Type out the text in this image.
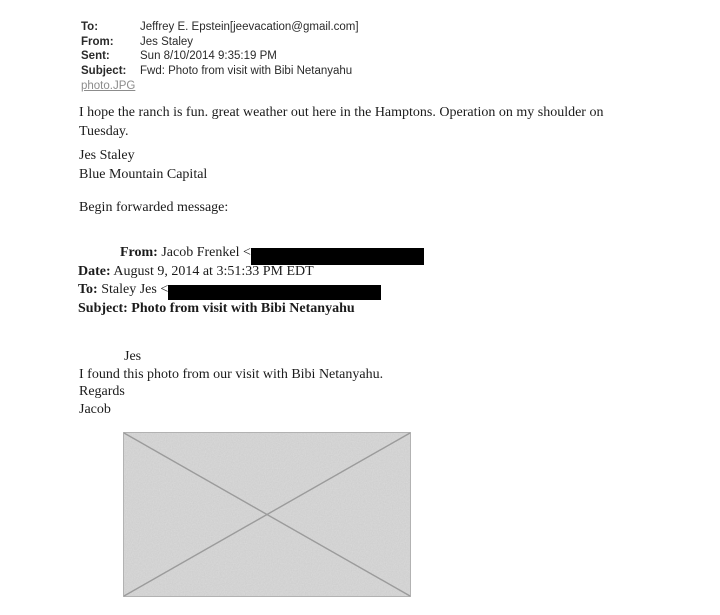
To:	Jeffrey E. Epstein[jeevacation@gmail.com]
From:	Jes Staley
Sent:	Sun 8/10/2014 9:35:19 PM
Subject:	Fwd: Photo from visit with Bibi Netanyahu
photo.JPG
I hope the ranch is fun. great weather out here in the Hamptons. Operation on my shoulder on
Tuesday.
Jes Staley
Blue Mountain Capital
Begin forwarded message:
From: Jacob Frenkel <
Date: August 9, 2014 at 3:51:33 PM EDT
To: Staley Jes <
Subject: Photo from visit with Bibi Netanyahu
Jes
I found this photo from our visit with Bibi Netanyahu.
Regards
Jacob
